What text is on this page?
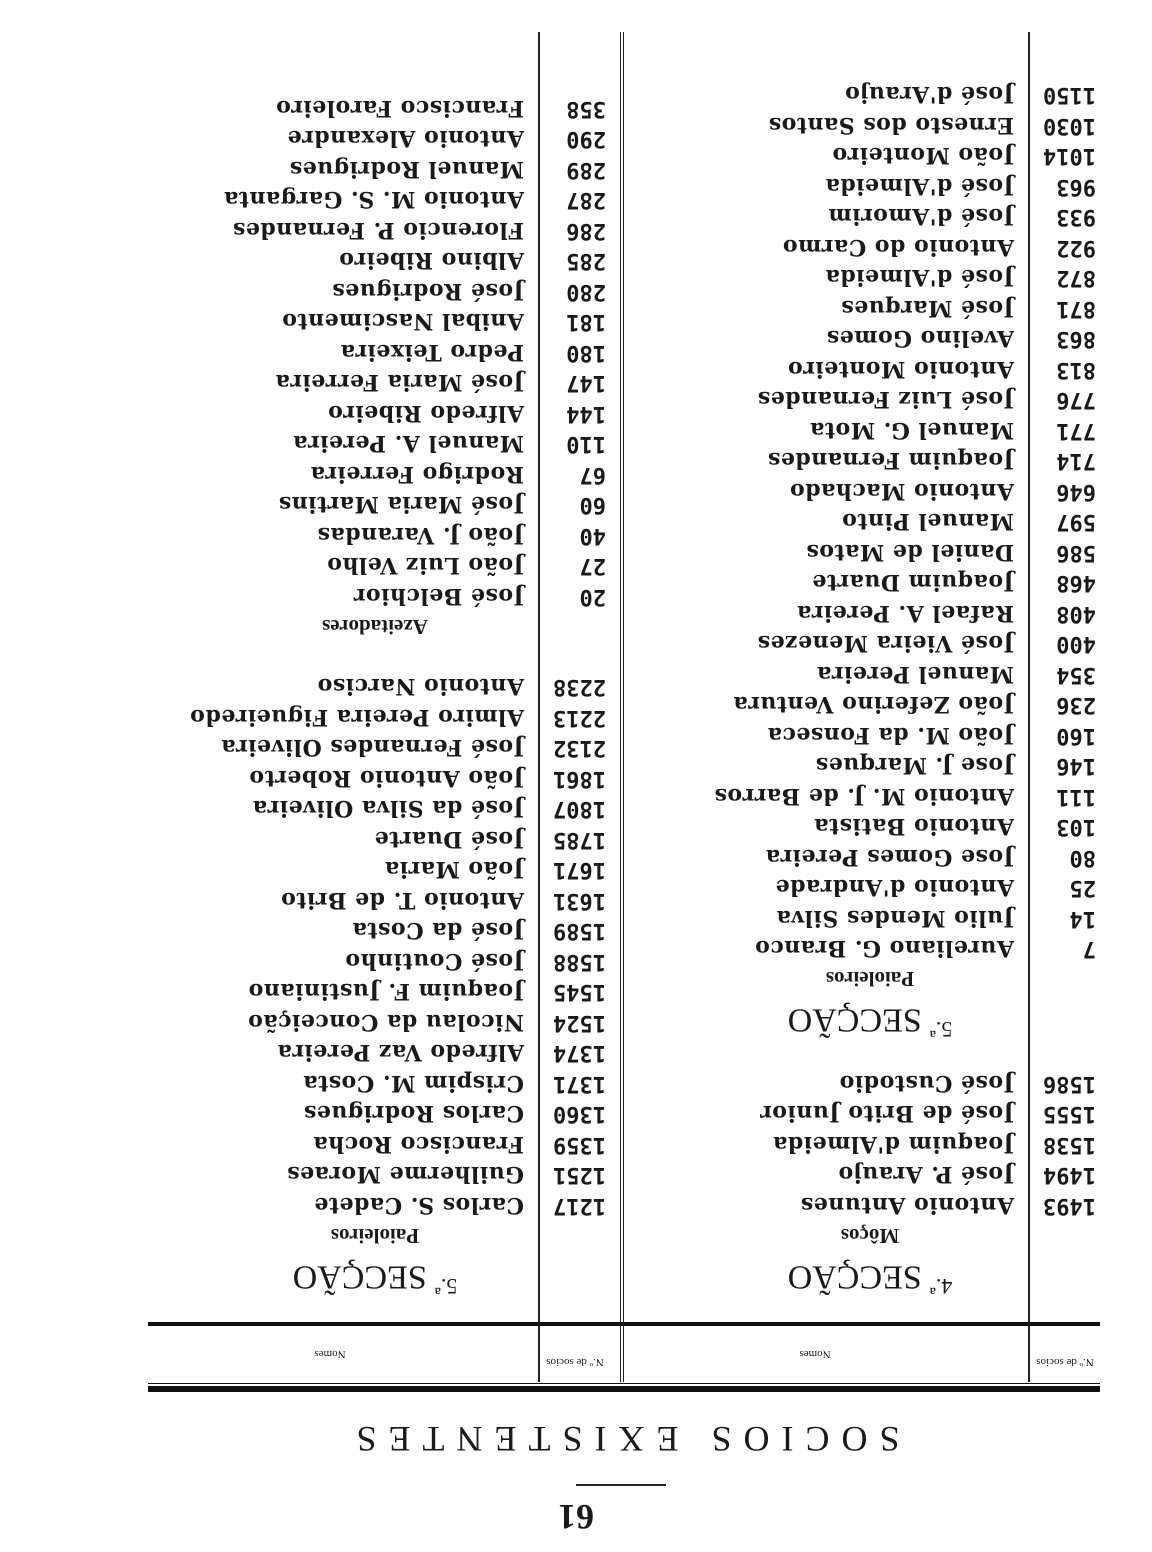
61
SOCIOS EXISTENTES
N.º de socios
Nomes
N.º de socios
Nomes
$^{4.ª}$SECÇÃO
Môços
1493
Antonio Antunes
1494
José P. Araujo
1538
Joaquim d'Almeida
1555
José de Brito Junior
1586
José Custodio
$^{5.ª}$SECÇÃO
Paioleiros
7
Aureliano G. Branco
14
Julio Mendes Silva
25
Antonio d'Andrade
80
Jose Gomes Pereira
103
Antonio Batista
111
Antonio M. J. de Barros
146
Jose J. Marques
160
João M. da Fonseca
236
João Zeferino Ventura
354
Manuel Pereira
400
José Vieira Menezes
408
Rafael A. Pereira
468
Joaquim Duarte
586
Daniel de Matos
597
Manuel Pinto
646
Antonio Machado
714
Joaquim Fernandes
771
Manuel G. Mota
776
José Luiz Fernandes
813
Antonio Monteiro
863
Avelino Gomes
871
José Marques
872
José d'Almeida
922
Antonio do Carmo
933
José d'Amorim
963
José d'Almeida
1014
João Monteiro
1030
Ernesto dos Santos
1150
José d'Araujo
$^{5.ª}$SECÇÃO
Paioleiros
1217
Carlos S. Cadete
1251
Guilherme Moraes
1359
Francisco Rocha
1360
Carlos Rodrigues
1371
Crispim M. Costa
1374
Alfredo Vaz Pereira
1524
Nicolau da Conceição
1545
Joaquim F. Justiniano
1588
José Coutinho
1589
José da Costa
1631
Antonio T. de Brito
1671
João Maria
1785
José Duarte
1807
José da Silva Oliveira
1861
João Antonio Roberto
2132
José Fernandes Oliveira
2213
Almiro Pereira Figueiredo
2238
Antonio Narciso
Azeitadores
20
José Belchior
27
João Luiz Velho
40
João J. Varandas
60
José Maria Martins
67
Rodrigo Ferreira
110
Manuel A. Pereira
144
Alfredo Ribeiro
147
José Maria Ferreira
180
Pedro Teixeira
181
Anibal Nascimento
280
José Rodrigues
285
Albino Ribeiro
286
Florencio P. Fernandes
287
Antonio M. S. Garganta
289
Manuel Rodrigues
290
Antonio Alexandre
358
Francisco Faroleiro
